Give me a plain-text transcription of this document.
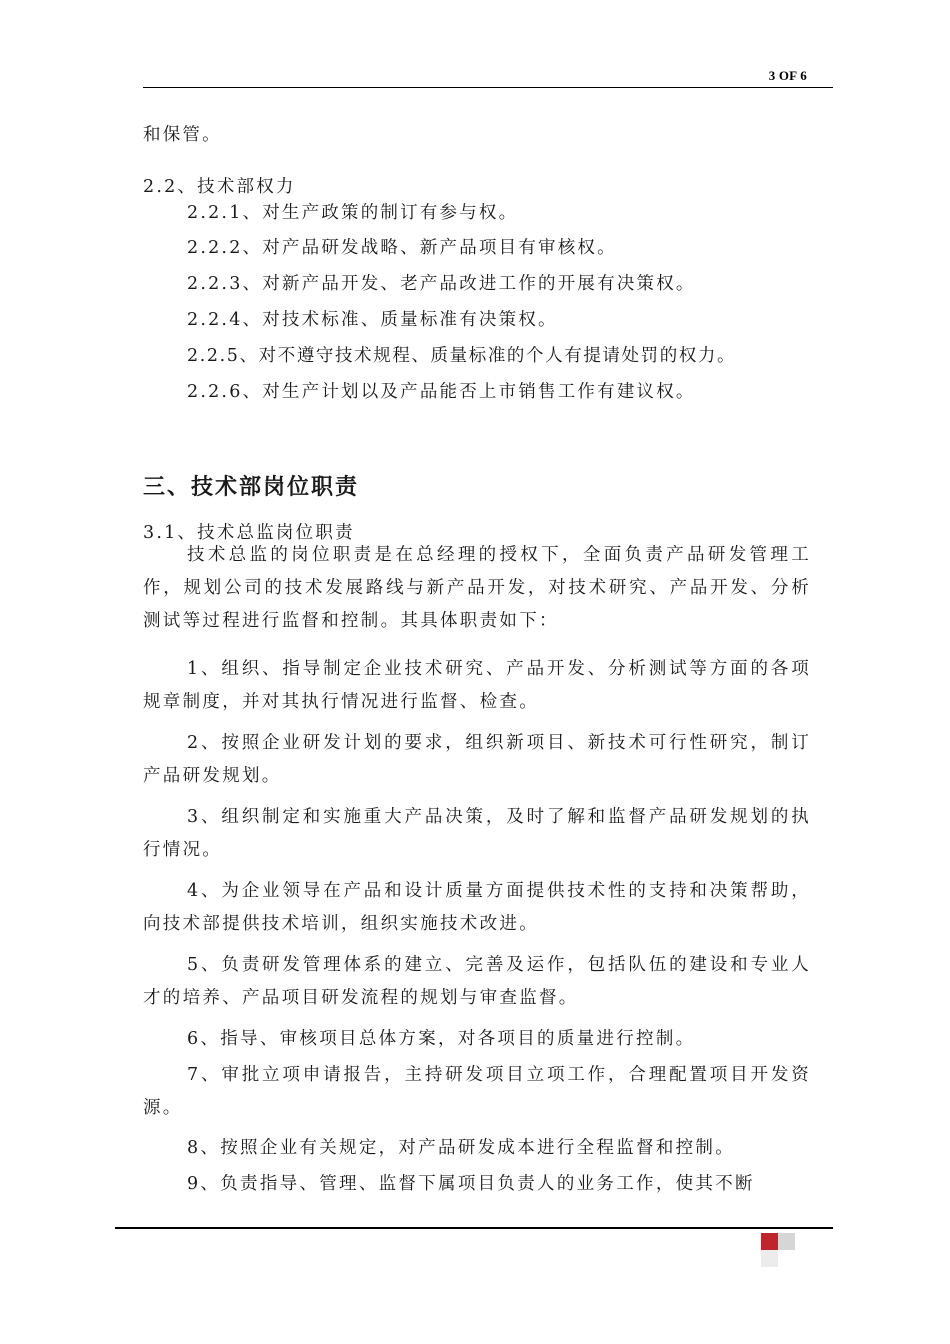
3 OF 6
和保管。
2.2、技术部权力
2.2.1、对生产政策的制订有参与权。
2.2.2、对产品研发战略、新产品项目有审核权。
2.2.3、对新产品开发、老产品改进工作的开展有决策权。
2.2.4、对技术标准、质量标准有决策权。
2.2.5、对不遵守技术规程、质量标准的个人有提请处罚的权力。
2.2.6、对生产计划以及产品能否上市销售工作有建议权。
三、技术部岗位职责
3.1、技术总监岗位职责
技术总监的岗位职责是在总经理的授权下，全面负责产品研发管理工作，规划公司的技术发展路线与新产品开发，对技术研究、产品开发、分析测试等过程进行监督和控制。其具体职责如下：
1、组织、指导制定企业技术研究、产品开发、分析测试等方面的各项规章制度，并对其执行情况进行监督、检查。
2、按照企业研发计划的要求，组织新项目、新技术可行性研究，制订产品研发规划。
3、组织制定和实施重大产品决策，及时了解和监督产品研发规划的执行情况。
4、为企业领导在产品和设计质量方面提供技术性的支持和决策帮助，向技术部提供技术培训，组织实施技术改进。
5、负责研发管理体系的建立、完善及运作，包括队伍的建设和专业人才的培养、产品项目研发流程的规划与审查监督。
6、指导、审核项目总体方案，对各项目的质量进行控制。
7、审批立项申请报告，主持研发项目立项工作，合理配置项目开发资源。
8、按照企业有关规定，对产品研发成本进行全程监督和控制。
9、负责指导、管理、监督下属项目负责人的业务工作，使其不断
